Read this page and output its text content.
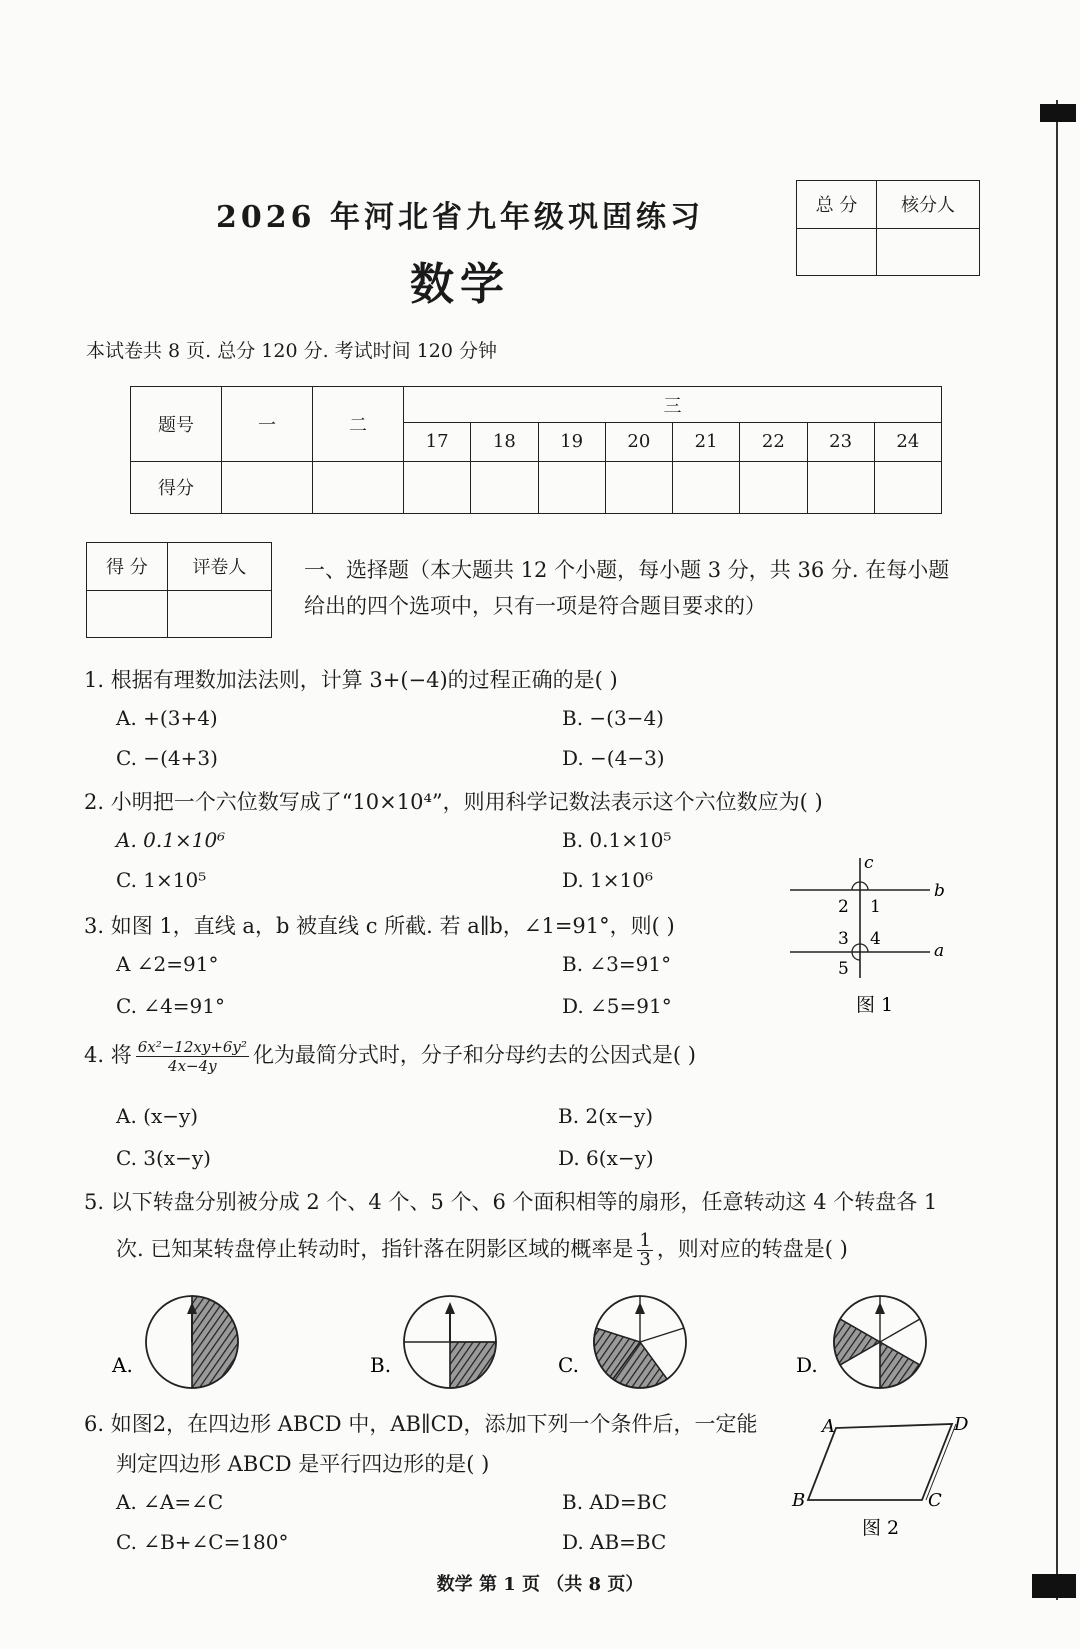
2026 年河北省九年级巩固练习
数学
本试卷共 8 页. 总分 120 分. 考试时间 120 分钟
总 分	核分人

题号	一	二	三							
			17	18	19	20	21	22	23	24
得分										
得 分	评卷人
		一、选择题（本大题共 12 个小题，每小题 3 分，共 36 分. 在每小题
给出的四个选项中，只有一项是符合题目要求的）
1. 根据有理数加法法则，计算 3+(−4)的过程正确的是( )
A. +(3+4)	B. −(3−4)
C. −(4+3)	D. −(4−3)
2. 小明把一个六位数写成了“10×10⁴”，则用科学记数法表示这个六位数应为( )
A. 0.1×10⁶	B. 0.1×10⁵
C. 1×10⁵	D. 1×10⁶
3. 如图 1，直线 a，b 被直线 c 所截. 若 a∥b，∠1=91°，则( )
A ∠2=91°	B. ∠3=91°
C. ∠4=91°	D. ∠5=91°
c
b
a
2 1
3 4
5
图 1
4. 将 $\frac{\text{6x²−12xy+6y²}}{4x-4y}$ 化为最简分式时，分子和分母约去的公因式是( )
A. (x−y)	B. 2(x−y)
C. 3(x−y)	D. 6(x−y)
5. 以下转盘分别被分成 2 个、4 个、5 个、6 个面积相等的扇形，任意转动这 4 个转盘各 1
次. 已知某转盘停止转动时，指针落在阴影区域的概率是 $\frac{1}{3}$ ，则对应的转盘是( )
A.	B.	C.	D.
6. 如图2，在四边形 ABCD 中，AB∥CD，添加下列一个条件后，一定能
判定四边形 ABCD 是平行四边形的是( )
A. ∠A=∠C	B. AD=BC
C. ∠B+∠C=180°	D. AB=BC
A	D
B	C
图 2
数学 第 1 页 （共 8 页）
